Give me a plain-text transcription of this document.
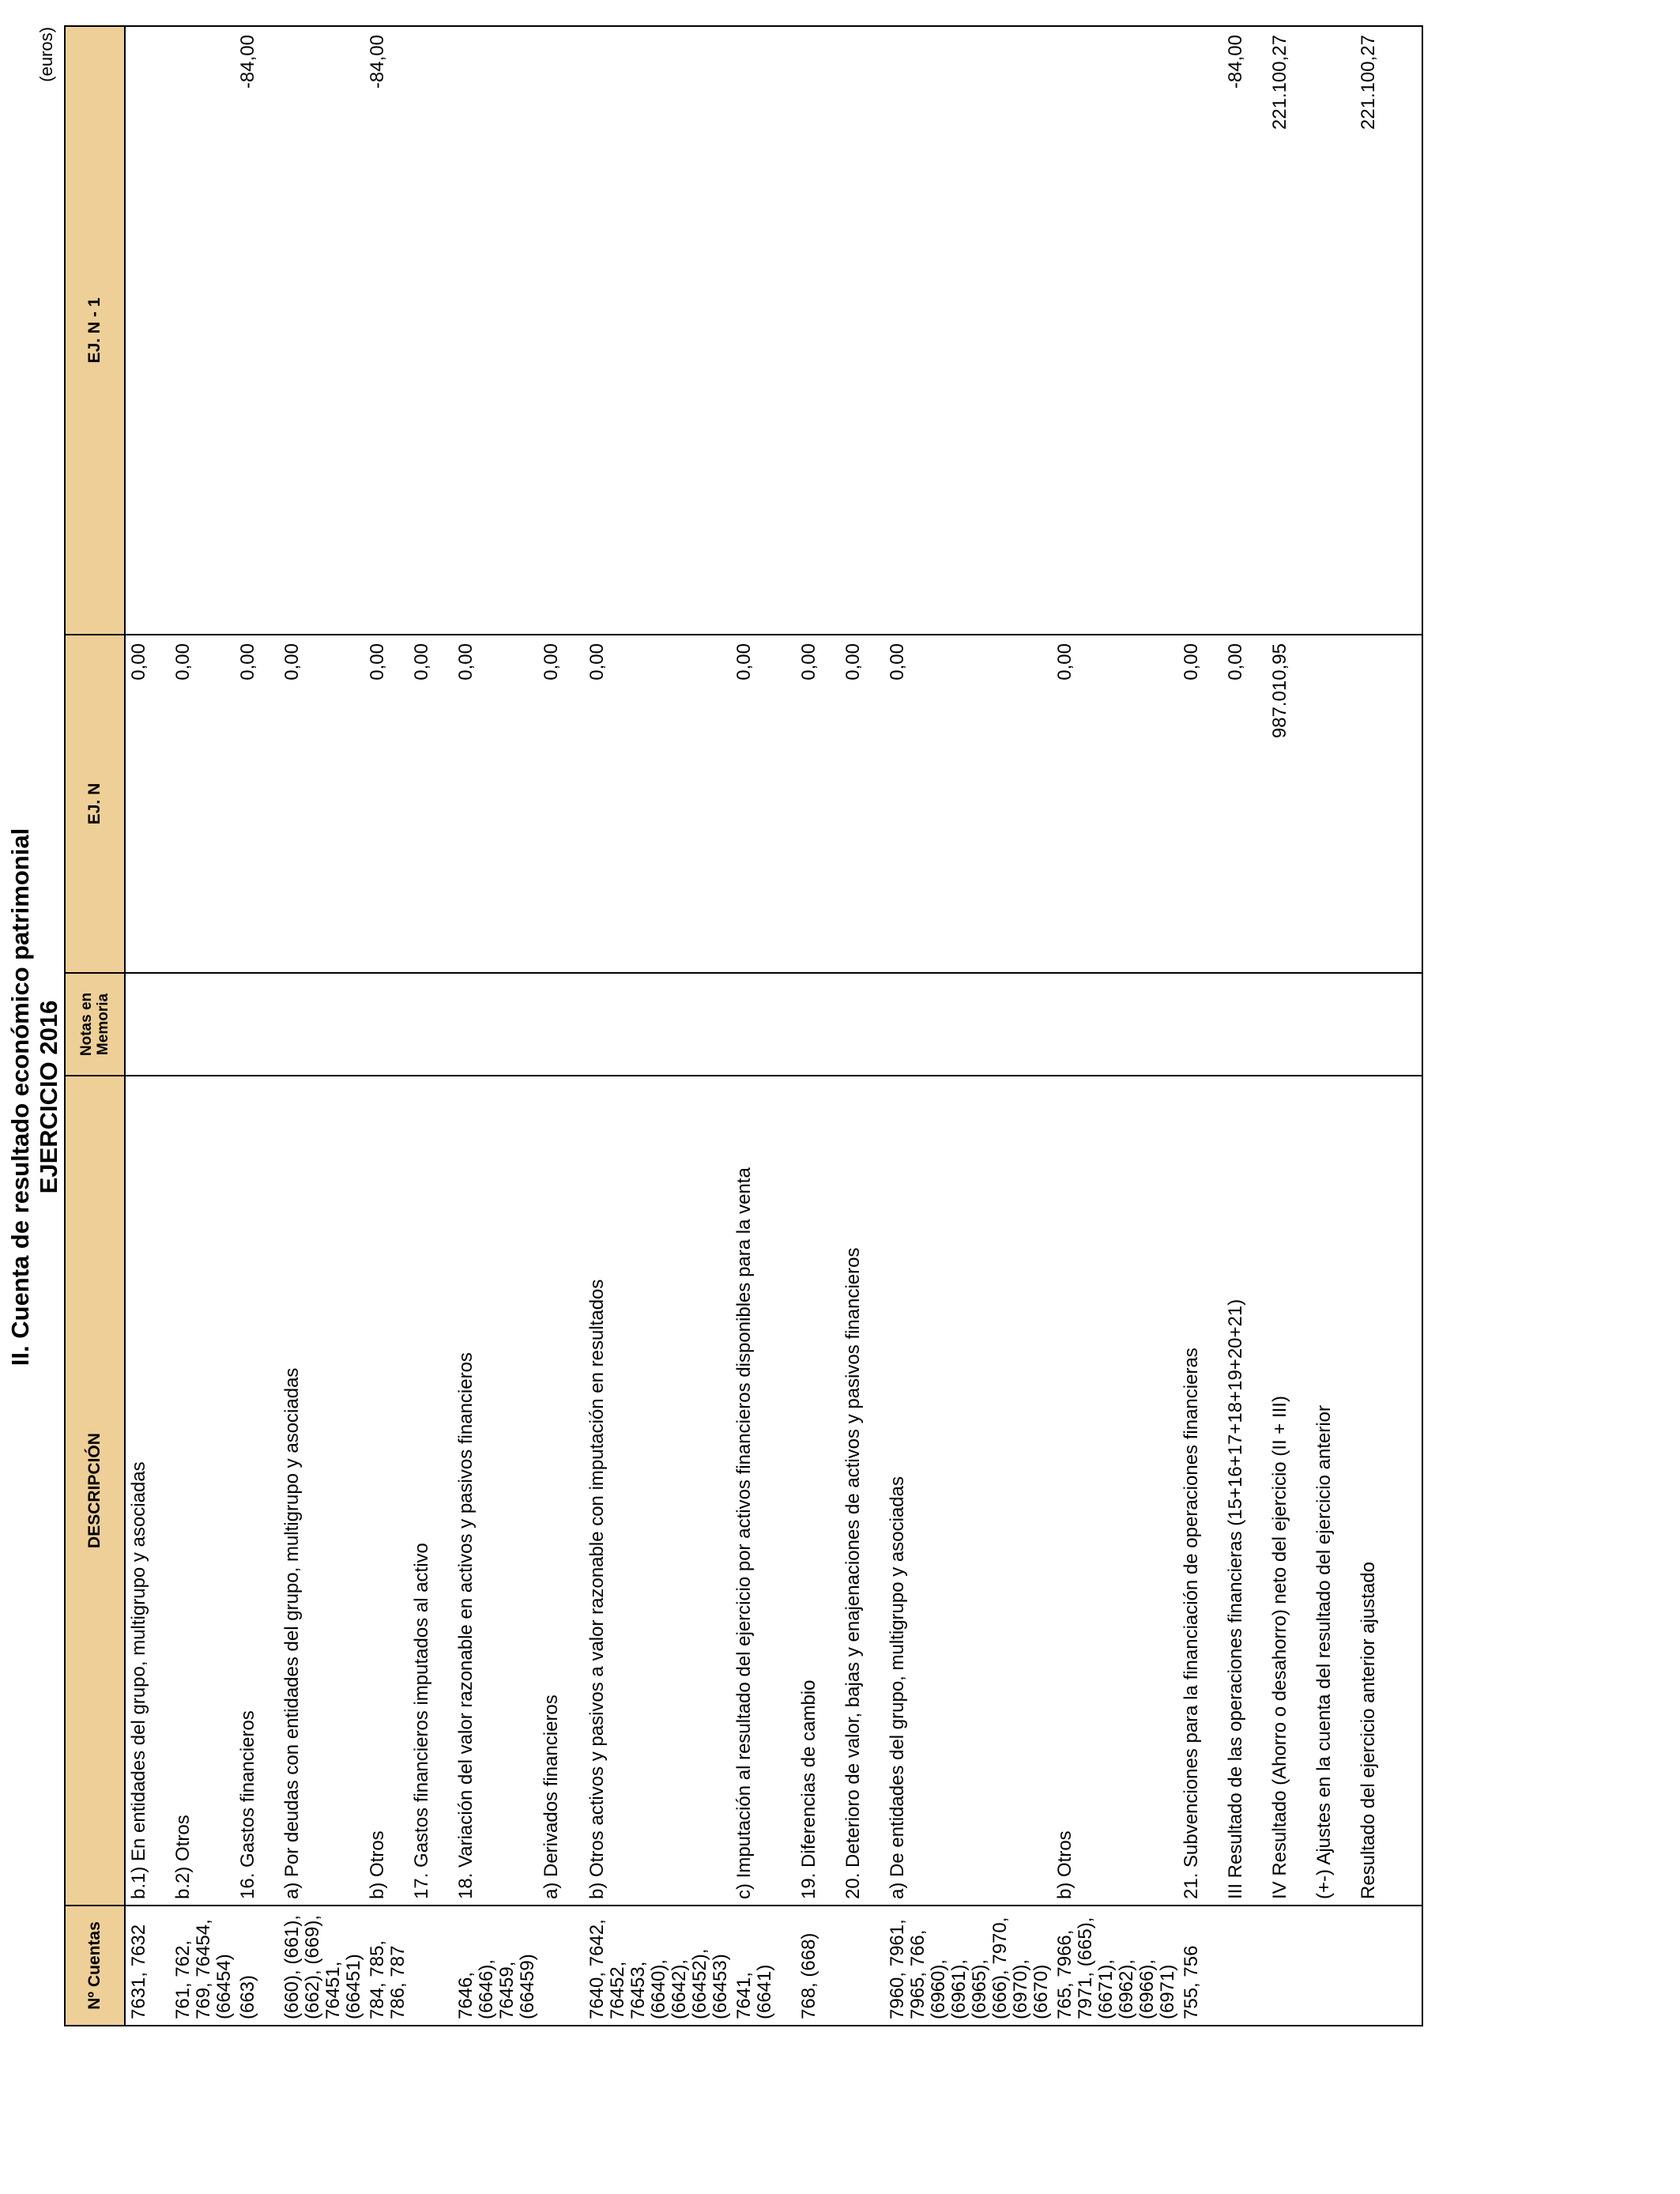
II. Cuenta de resultado económico patrimonial EJERCICIO 2016
(euros)
Nº Cuentas	DESCRIPCIÓN	Notas en Memoria	EJ. N	EJ. N - 1
7631, 7632	b.1) En entidades del grupo, multigrupo y asociadas		0,00	
761, 762, 769, 76454, (66454)	b.2) Otros		0,00	
(663)	16. Gastos financieros		0,00	-84,00
(660), (661), (662), (669), 76451, (66451)	a) Por deudas con entidades del grupo, multigrupo y asociadas		0,00	
784, 785, 786, 787	b) Otros		0,00	-84,00
	17. Gastos financieros imputados al activo		0,00	
7646, (6646), 76459, (66459)	18. Variación del valor razonable en activos y pasivos financieros		0,00	
	a) Derivados financieros		0,00	
7640, 7642, 76452, 76453, (6640), (6642), (66452), (66453)	b) Otros activos y pasivos a valor razonable con imputación en resultados		0,00	
7641, (6641)	c) Imputación al resultado del ejercicio por activos financieros disponibles para la venta		0,00	
768, (668)	19. Diferencias de cambio		0,00	
	20. Deterioro de valor, bajas y enajenaciones de activos y pasivos financieros		0,00	
7960, 7961, 7965, 766, (6960), (6961), (6965), (666), 7970, (6970), (6670)	a) De entidades del grupo, multigrupo y asociadas		0,00	
765, 7966, 7971, (665), (6671), (6962), (6966), (6971)	b) Otros		0,00	
755, 756	21. Subvenciones para la financiación de operaciones financieras		0,00	
	III Resultado de las operaciones financieras (15+16+17+18+19+20+21)		0,00	-84,00
	IV Resultado (Ahorro o desahorro) neto del ejercicio (II + III)		987.010,95	221.100,27
	(+-) Ajustes en la cuenta del resultado del ejercicio anterior			
	Resultado del ejercicio anterior ajustado			221.100,27
